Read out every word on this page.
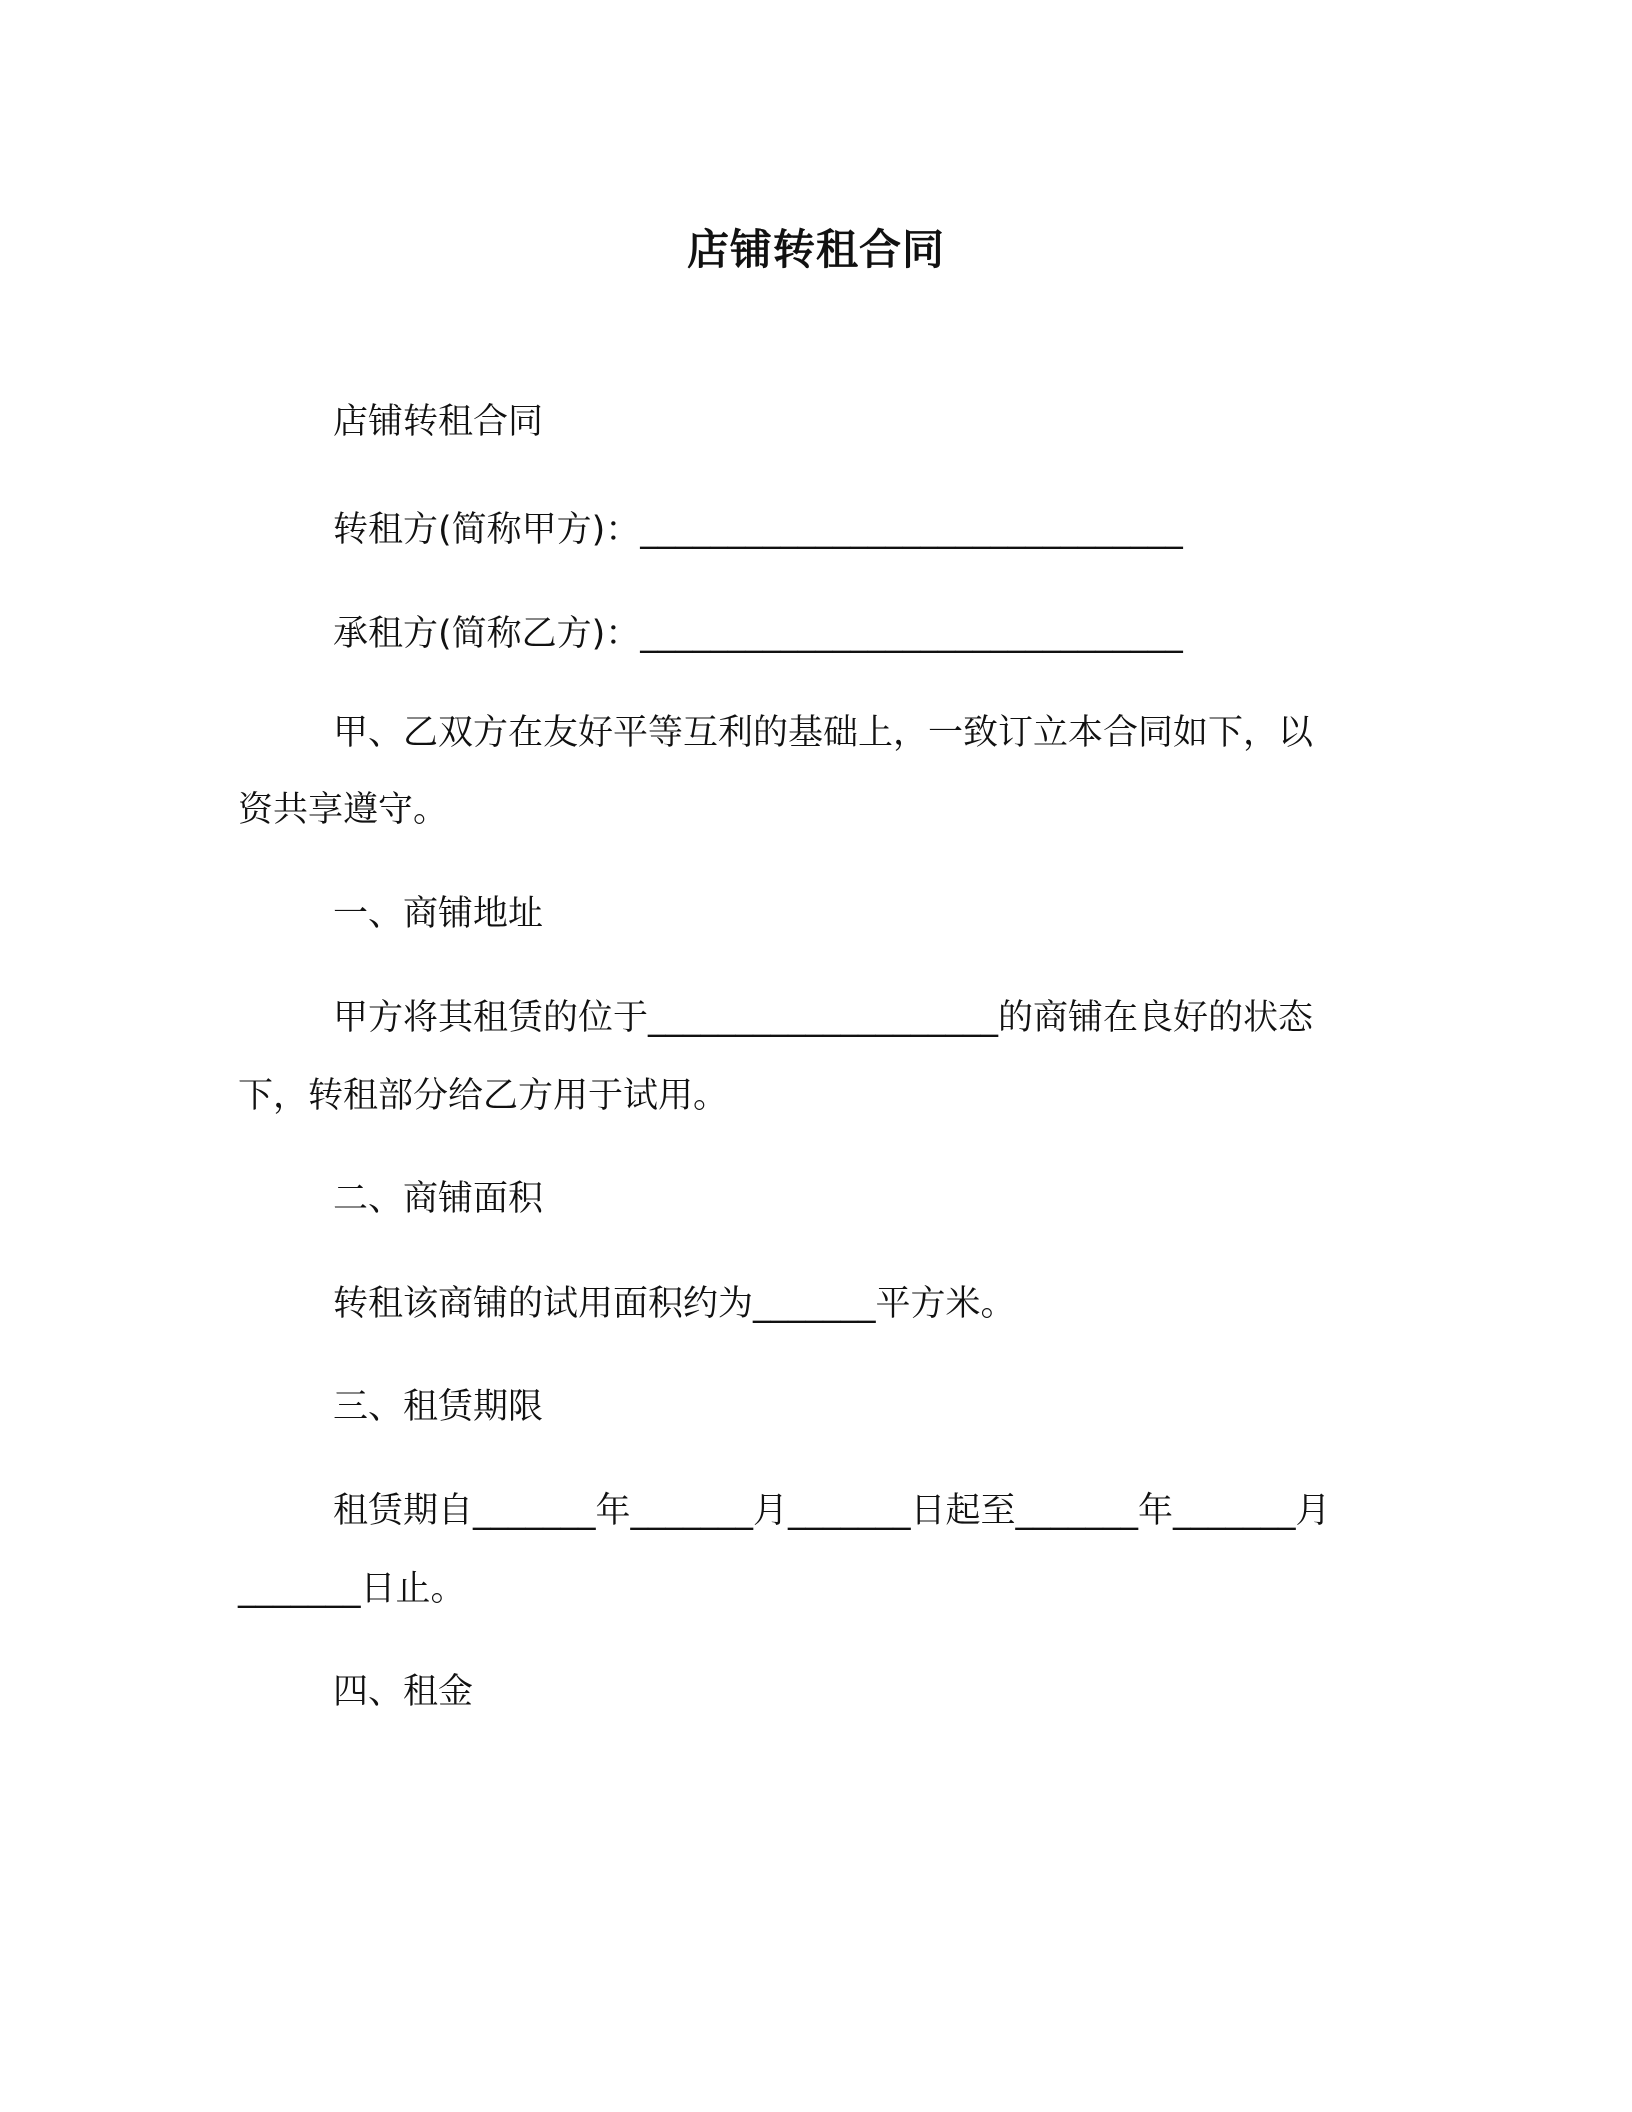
店铺转租合同
店铺转租合同
转租方(简称甲方)：_______________________________
承租方(简称乙方)：_______________________________
甲、乙双方在友好平等互利的基础上，一致订立本合同如下，以
资共享遵守。
一、商铺地址
甲方将其租赁的位于____________________的商铺在良好的状态
下，转租部分给乙方用于试用。
二、商铺面积
转租该商铺的试用面积约为_______平方米。
三、租赁期限
租赁期自_______年_______月_______日起至_______年_______月
_______日止。
四、租金
